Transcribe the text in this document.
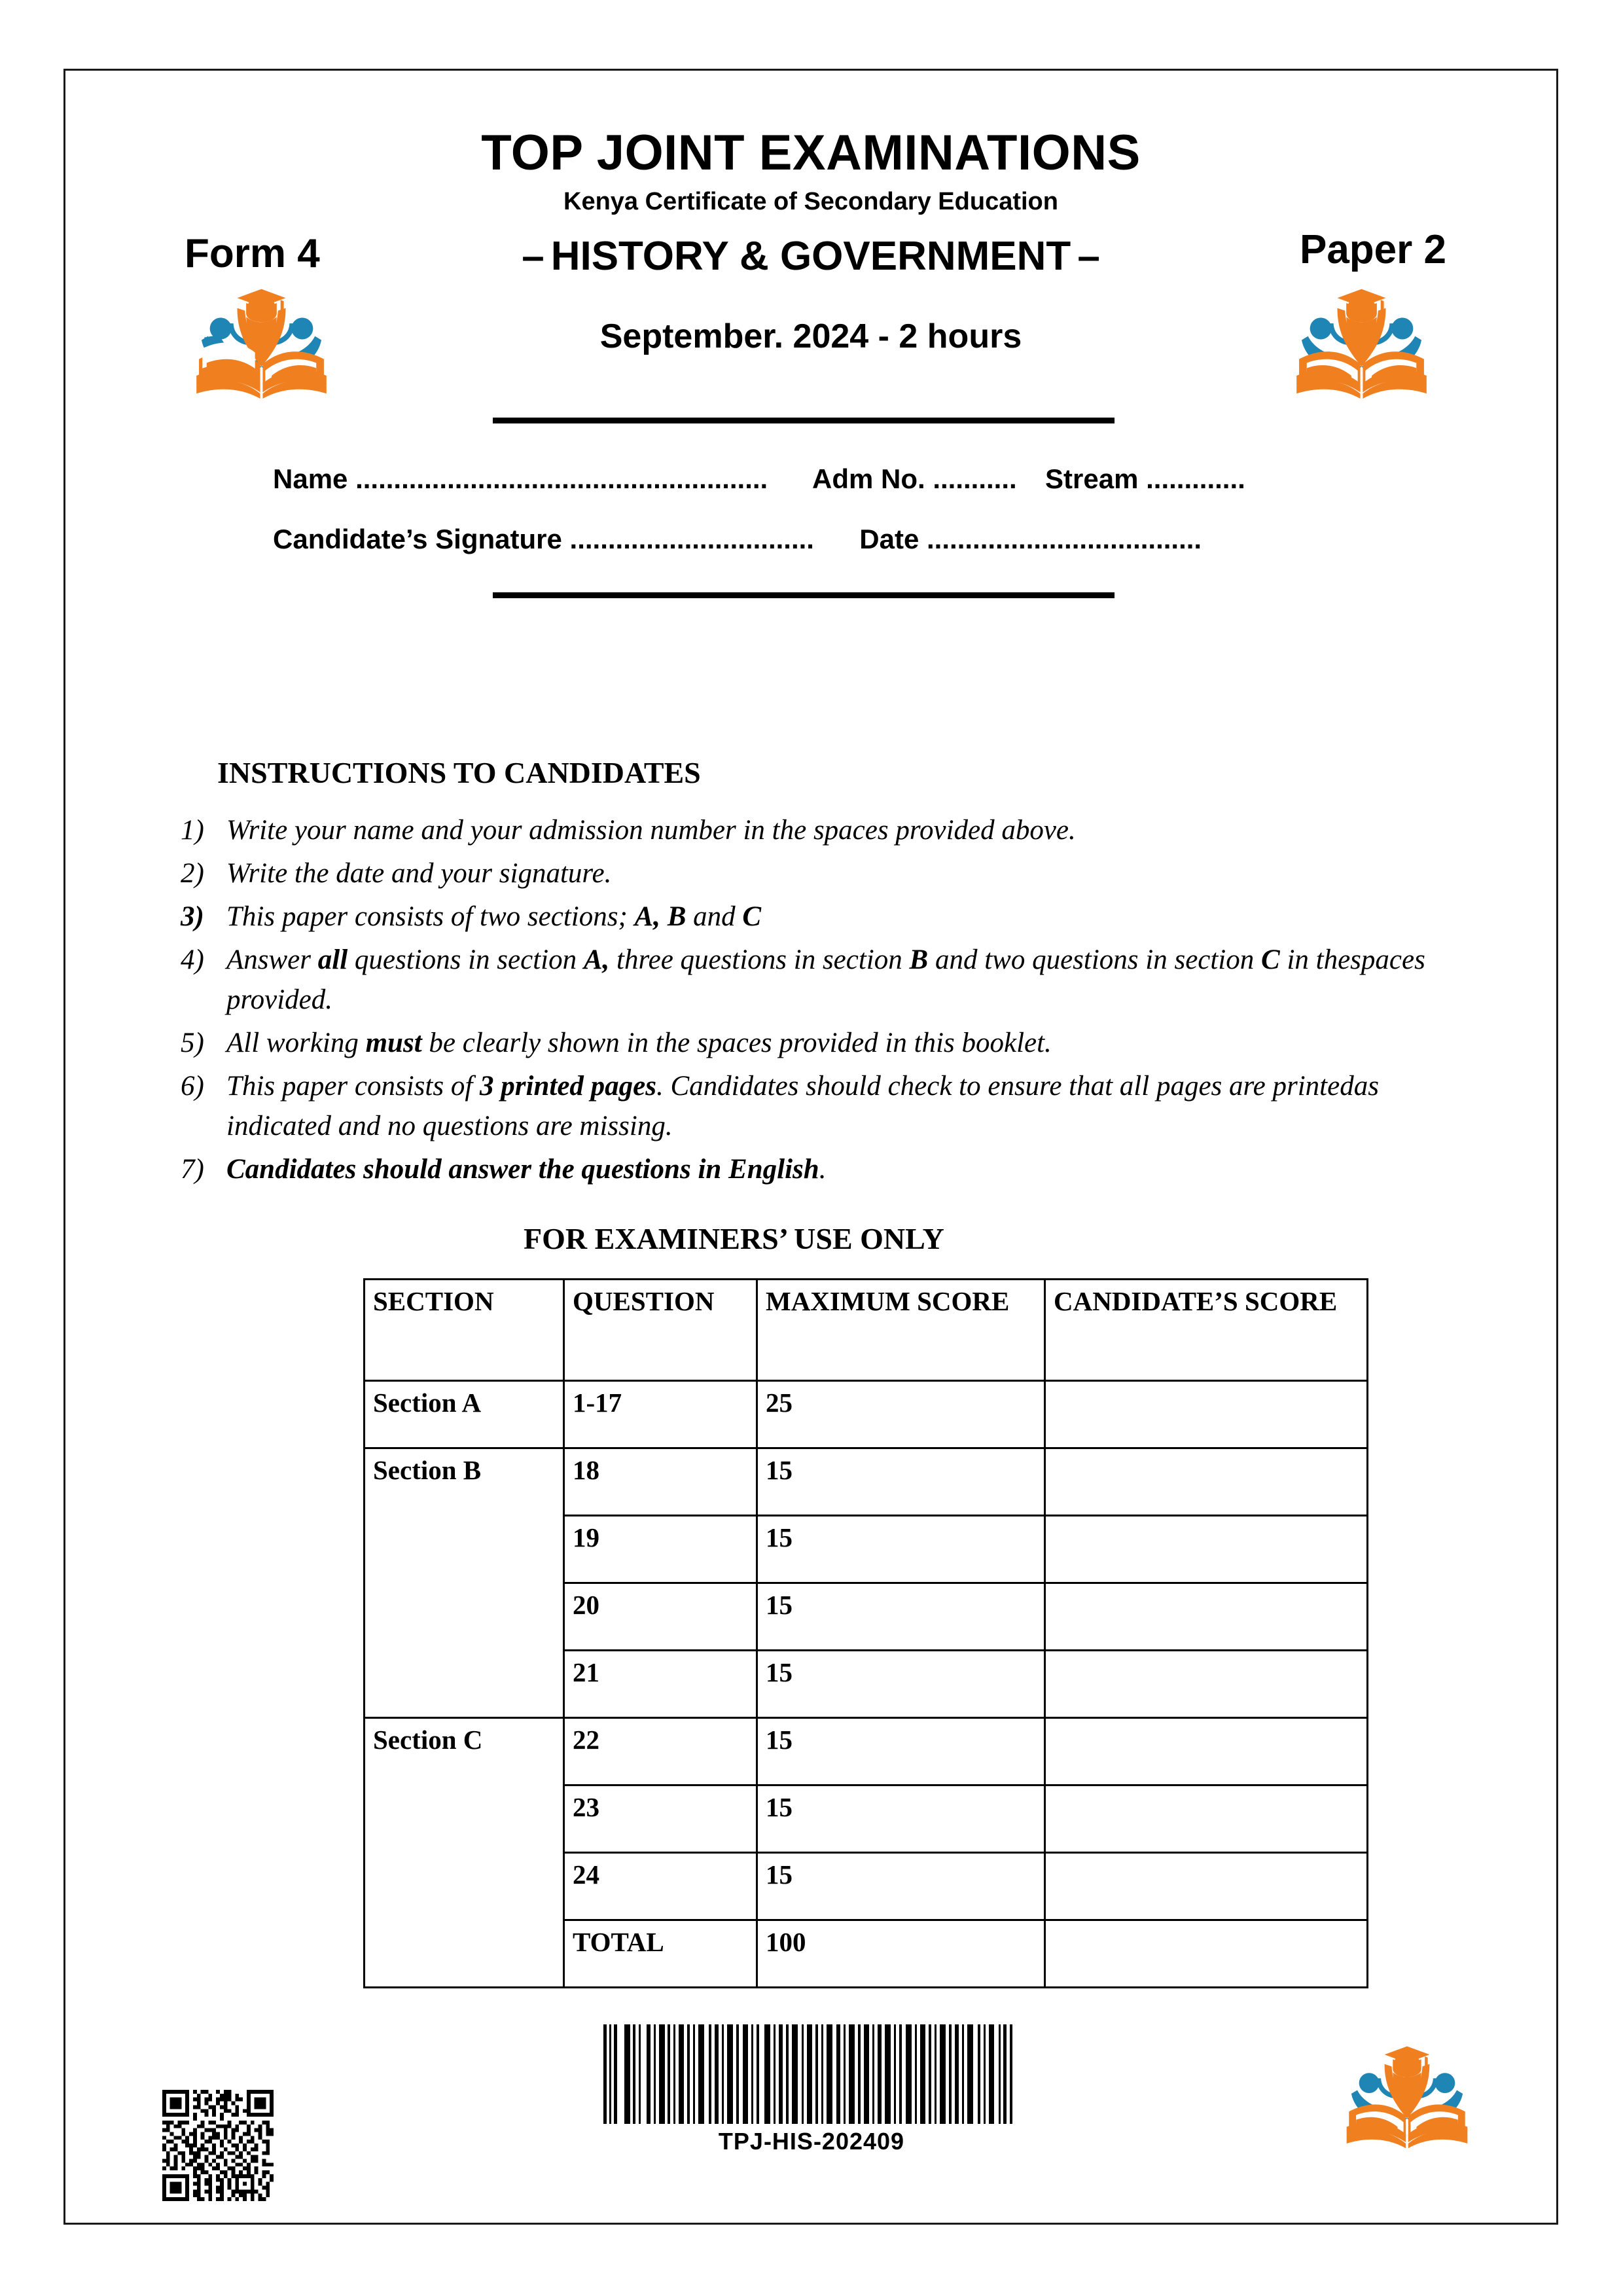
TOP JOINT EXAMINATIONS
Kenya Certificate of Secondary Education
Form 4	– HISTORY & GOVERNMENT –	Paper 2
September. 2024 - 2 hours
Name ...................................................... Adm No. ........... Stream .............
Candidate’s Signature ................................ Date ....................................
INSTRUCTIONS TO CANDIDATES
1) Write your name and your admission number in the spaces provided above.
2) Write the date and your signature.
3) This paper consists of two sections; A, B and C
4) Answer all questions in section A, three questions in section B and two questions in section C in thespaces provided.
5) All working must be clearly shown in the spaces provided in this booklet.
6) This paper consists of 3 printed pages. Candidates should check to ensure that all pages are printedas indicated and no questions are missing.
7) Candidates should answer the questions in English.
FOR EXAMINERS’ USE ONLY
SECTION	QUESTION	MAXIMUM SCORE	CANDIDATE’S SCORE
Section A	1-17	25	
Section B	18	15	
	19	15	
	20	15	
	21	15	
Section C	22	15	
	23	15	
	24	15	
	TOTAL	100	
TPJ-HIS-202409
